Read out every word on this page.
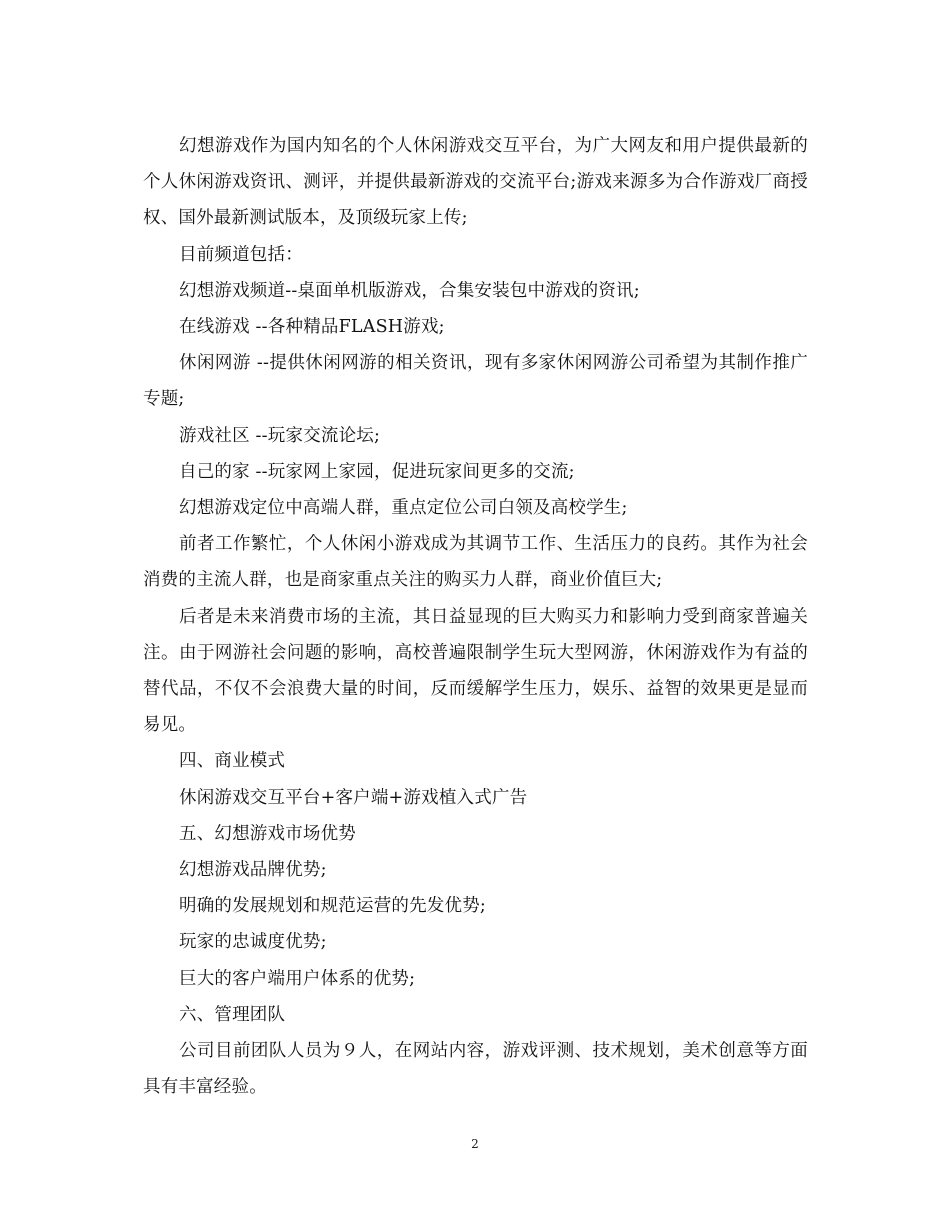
幻想游戏作为国内知名的个人休闲游戏交互平台，为广大网友和用户提供最新的个人休闲游戏资讯、测评，并提供最新游戏的交流平台;游戏来源多为合作游戏厂商授权、国外最新测试版本，及顶级玩家上传;

目前频道包括：

幻想游戏频道--桌面单机版游戏，合集安装包中游戏的资讯;

在线游戏 --各种精品FLASH游戏;

休闲网游 --提供休闲网游的相关资讯，现有多家休闲网游公司希望为其制作推广专题;

游戏社区 --玩家交流论坛;

自己的家 --玩家网上家园，促进玩家间更多的交流;

幻想游戏定位中高端人群，重点定位公司白领及高校学生;

前者工作繁忙，个人休闲小游戏成为其调节工作、生活压力的良药。其作为社会消费的主流人群，也是商家重点关注的购买力人群，商业价值巨大;

后者是未来消费市场的主流，其日益显现的巨大购买力和影响力受到商家普遍关注。由于网游社会问题的影响，高校普遍限制学生玩大型网游，休闲游戏作为有益的替代品，不仅不会浪费大量的时间，反而缓解学生压力，娱乐、益智的效果更是显而易见。

四、商业模式

休闲游戏交互平台+客户端+游戏植入式广告

五、幻想游戏市场优势

幻想游戏品牌优势;

明确的发展规划和规范运营的先发优势;

玩家的忠诚度优势;

巨大的客户端用户体系的优势;

六、管理团队

公司目前团队人员为９人，在网站内容，游戏评测、技术规划，美术创意等方面具有丰富经验。

2
